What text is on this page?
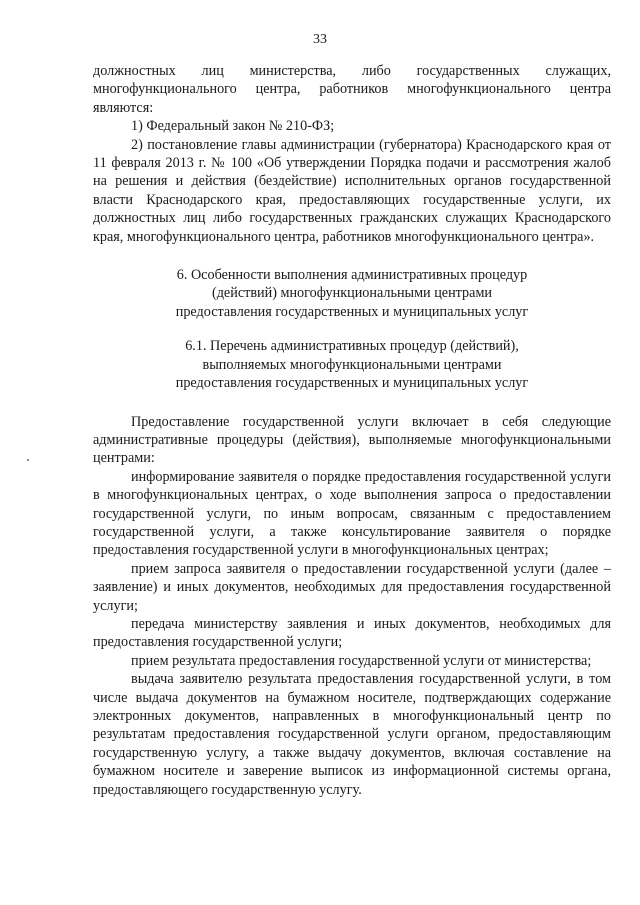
33

должностных лиц министерства, либо государственных служащих, многофункционального центра, работников многофункционального центра являются:

1) Федеральный закон № 210-ФЗ;

2) постановление главы администрации (губернатора) Краснодарского края от 11 февраля 2013 г. № 100 «Об утверждении Порядка подачи и рассмотрения жалоб на решения и действия (бездействие) исполнительных органов государственной власти Краснодарского края, предоставляющих государственные услуги, их должностных лиц либо государственных гражданских служащих Краснодарского края, многофункционального центра, работников многофункционального центра».

6. Особенности выполнения административных процедур
(действий) многофункциональными центрами
предоставления государственных и муниципальных услуг
6.1. Перечень административных процедур (действий),
выполняемых многофункциональными центрами
предоставления государственных и муниципальных услуг

Предоставление государственной услуги включает в себя следующие административные процедуры (действия), выполняемые многофункциональными центрами:

информирование заявителя о порядке предоставления государственной услуги в многофункциональных центрах, о ходе выполнения запроса о предоставлении государственной услуги, по иным вопросам, связанным с предоставлением государственной услуги, а также консультирование заявителя о порядке предоставления государственной услуги в многофункциональных центрах;

прием запроса заявителя о предоставлении государственной услуги (далее – заявление) и иных документов, необходимых для предоставления государственной услуги;

передача министерству заявления и иных документов, необходимых для предоставления государственной услуги;

прием результата предоставления государственной услуги от министерства;

выдача заявителю результата предоставления государственной услуги, в том числе выдача документов на бумажном носителе, подтверждающих содержание электронных документов, направленных в многофункциональный центр по результатам предоставления государственной услуги органом, предоставляющим государственную услугу, а также выдачу документов, включая составление на бумажном носителе и заверение выписок из информационной системы органа, предоставляющего государственную услугу.
